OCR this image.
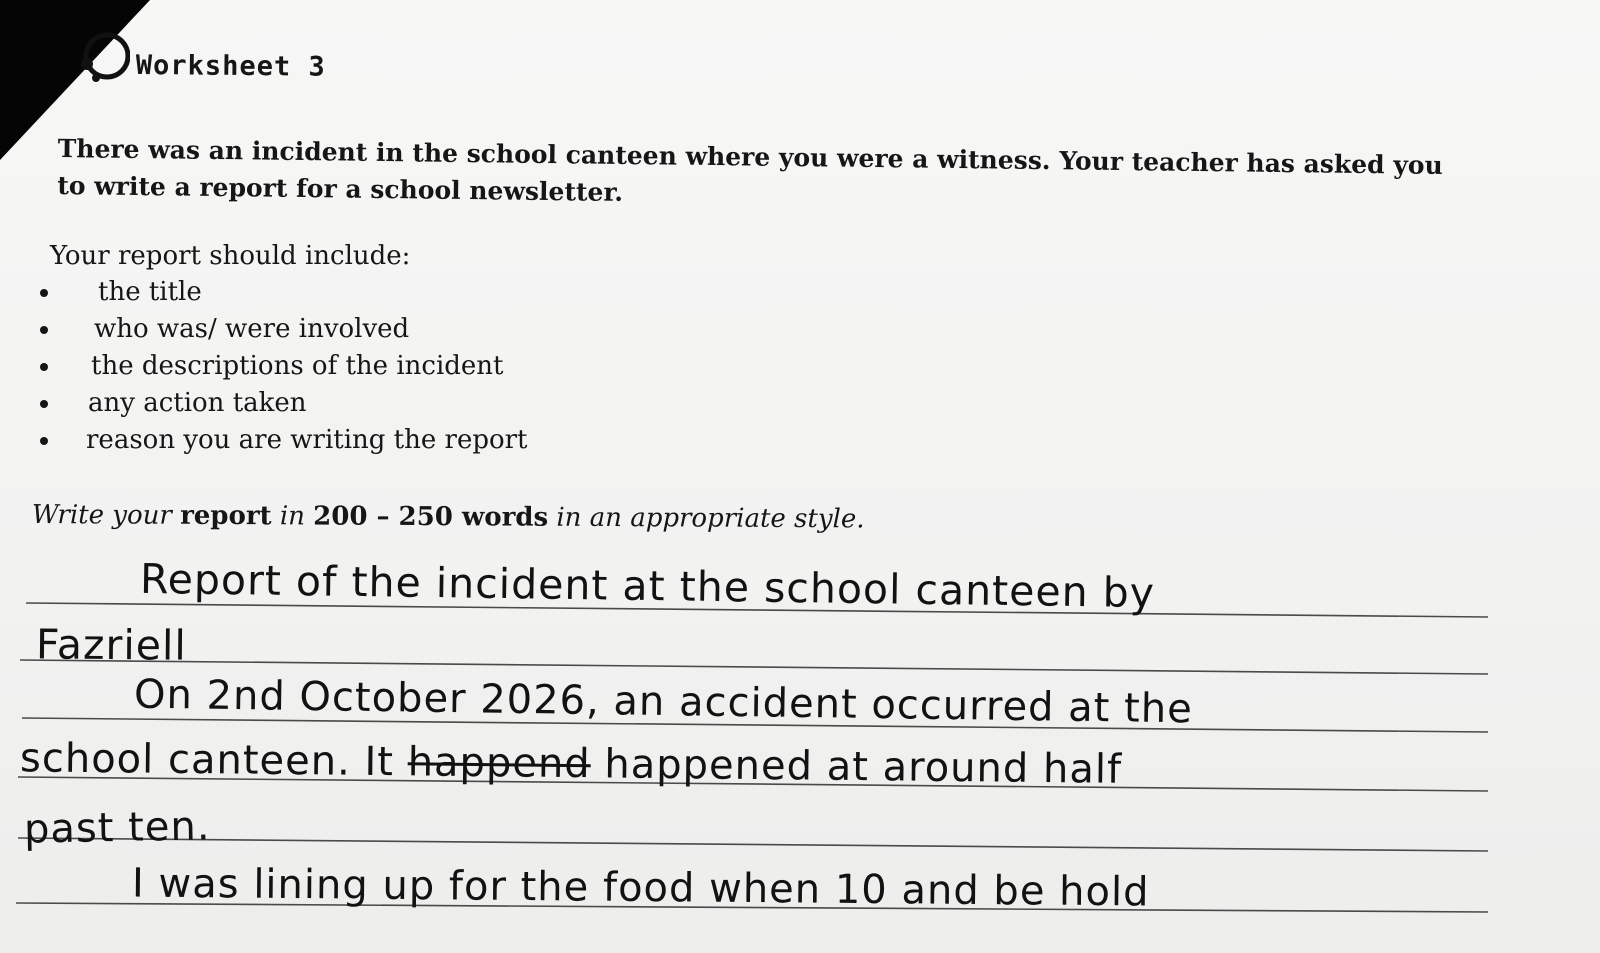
Worksheet 3
There was an incident in the school canteen where you were a witness. Your teacher has asked you to write a report for a school newsletter.
Your report should include:
the title
who was/ were involved
the descriptions of the incident
any action taken
reason you are writing the report
Write your report in 200 – 250 words in an appropriate style.
Report of the incident at the school canteen by
Fazriell
On 2nd October 2026, an accident occurred at the
school canteen. It happend happened at around half
past ten.
I was lining up for the food when 10 and be hold
